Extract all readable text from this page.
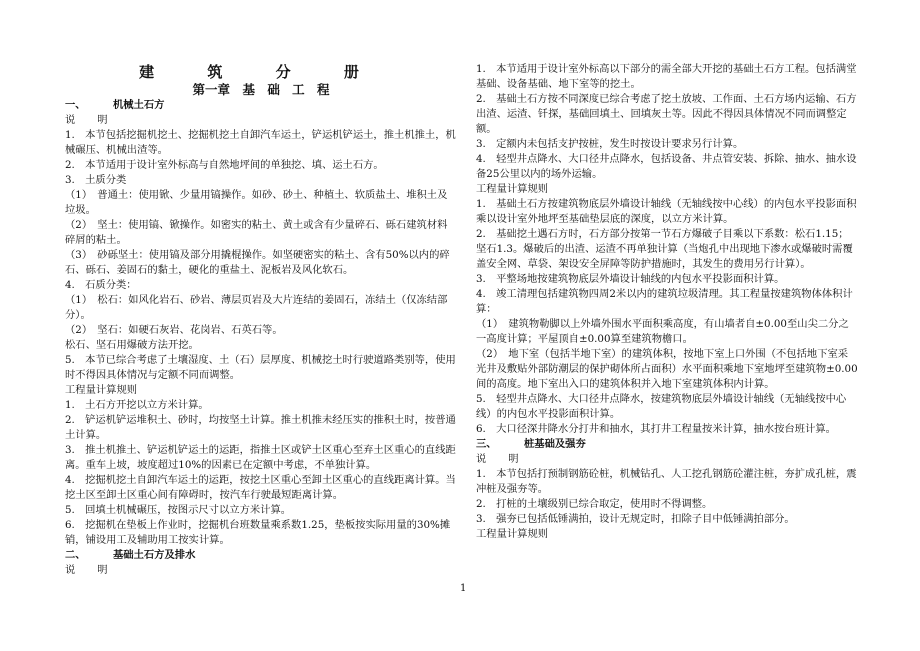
建 筑 分 册
第一章　基 础 工 程

一、	机械土石方

说明

1.　本节包括挖掘机挖土、挖掘机挖土自卸汽车运土，铲运机铲运土，推土机推土，机械碾压、机械出渣等。

2.　本节适用于设计室外标高与自然地坪间的单独挖、填、运土石方。

3.　土质分类

（1）　普通土：使用锨、少量用镐操作。如砂、砂土、种植土、软质盐土、堆积土及垃圾。

（2）　坚土：使用镐、锨操作。如密实的粘土、黄土或含有少量碎石、砾石建筑材料碎屑的粘土。

（3）　砂砾坚土：使用镐及部分用撬棍操作。如坚硬密实的粘土、含有50%以内的碎石、砾石、姜固石的黏土，硬化的重盐土、泥板岩及风化软石。

4.　石质分类：

（1）　松石：如风化岩石、砂岩、薄层页岩及大片连结的姜固石，冻结土（仅冻结部分）。

（2）　坚石：如硬石灰岩、花岗岩、石英石等。

松石、坚石用爆破方法开挖。

5.　本节已综合考虑了土壤湿度、土（石）层厚度、机械挖土时行驶道路类别等，使用时不得因具体情况与定额不同而调整。

工程量计算规则

1.　土石方开挖以立方米计算。

2.　铲运机铲运堆积土、砂时，均按坚土计算。推土机推未经压实的推积土时，按普通土计算。

3.　推土机推土、铲运机铲运土的运距，指推土区或铲土区重心至弃土区重心的直线距离。重车上坡，坡度超过10%的因素已在定额中考虑，不单独计算。

4.　挖掘机挖土自卸汽车运土的运距，按挖土区重心至卸土区重心的直线距离计算。当挖土区至卸土区重心间有障碍时，按汽车行驶最短距离计算。

5.　回填土机械碾压，按图示尺寸以立方米计算。

6.　挖掘机在垫板上作业时，挖掘机台班数量乘系数1.25，垫板按实际用量的30%摊销，铺设用工及辅助用工按实计算。

二、	基础土石方及排水

说明

1.　本节适用于设计室外标高以下部分的需全部大开挖的基础土石方工程。包括满堂基础、设备基础、地下室等的挖土。

2.　基础土石方按不同深度已综合考虑了挖土放坡、工作面、土石方场内运输、石方出渣、运渣、钎探，基础回填土、回填灰土等。因此不得因具体情况不同而调整定额。

3.　定额内未包括支护按桩，发生时按设计要求另行计算。

4.　轻型井点降水、大口径井点降水，包括设备、井点管安装、拆除、抽水、抽水设备25公里以内的场外运输。

工程量计算规则

1.　基础土石方按建筑物底层外墙设计轴线（无轴线按中心线）的内包水平投影面积乘以设计室外地坪至基础垫层底的深度，以立方米计算。

2.　基础挖土遇石方时，石方部分按第一节石方爆破子目乘以下系数：松石1.15；坚石1.3。爆破后的出渣、运渣不再单独计算（当炮孔中出现地下渗水或爆破时需覆盖安全网、草袋、架设安全屏障等防护措施时，其发生的费用另行计算）。

3.　平整场地按建筑物底层外墙设计轴线的内包水平投影面积计算。

4.　竣工清理包括建筑物四周2米以内的建筑垃圾清理。其工程量按建筑物体体积计算：

（1）　建筑物勒脚以上外墙外围水平面积乘高度，有山墙者自±0.00至山尖二分之一高度计算；平屋顶自±0.00算至建筑物檐口。

（2）　地下室（包括半地下室）的建筑体积，按地下室上口外围（不包括地下室采光井及敷贴外部防潮层的保护砌体所占面积）水平面积乘地下室地坪至建筑物±0.00间的高度。地下室出入口的建筑体积并入地下室建筑体积内计算。

5.　轻型井点降水、大口径井点降水，按建筑物底层外墙设计轴线（无轴线按中心线）的内包水平投影面积计算。

6.　大口径深井降水分打井和抽水，其打井工程量按米计算，抽水按台班计算。

三、	桩基础及强夯

说明

1.　本节包括打预制钢筋砼桩，机械钻孔、人工挖孔钢筋砼灌注桩，夯扩成孔桩，震冲桩及强夯等。

2.　打桩的土壤级别已综合取定，使用时不得调整。

3.　强夯已包括低锤满拍，设计无规定时，扣除子目中低锤满拍部分。

工程量计算规则

1
